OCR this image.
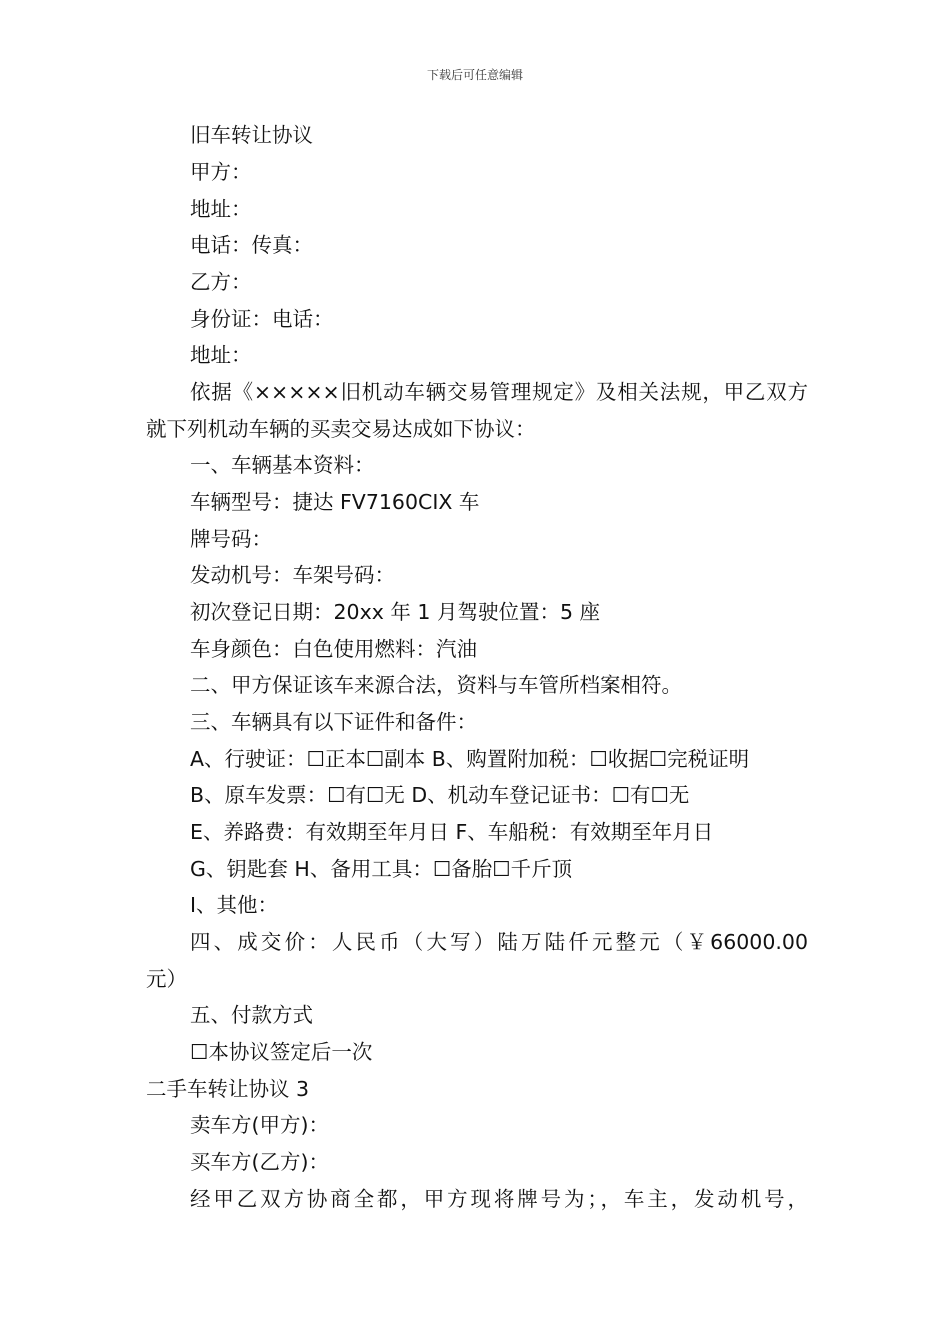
下载后可任意编辑
旧车转让协议
甲方：
地址：
电话：传真：
乙方：
身份证：电话：
地址：
依据《×××××旧机动车辆交易管理规定》及相关法规，甲乙双方
就下列机动车辆的买卖交易达成如下协议：
一、车辆基本资料：
车辆型号：捷达 FV7160CIX 车
牌号码：
发动机号：车架号码：
初次登记日期：20xx 年 1 月驾驶位置：5 座
车身颜色：白色使用燃料：汽油
二、甲方保证该车来源合法，资料与车管所档案相符。
三、车辆具有以下证件和备件：
A、行驶证：☐正本☐副本 B、购置附加税：☐收据☐完税证明
B、原车发票：☐有☐无 D、机动车登记证书：☐有☐无
E、养路费：有效期至年月日 F、车船税：有效期至年月日
G、钥匙套 H、备用工具：☐备胎☐千斤顶
I、其他：
四、成交价：人民币（大写）陆万陆仟元整元（￥66000.00
元）
五、付款方式
☐本协议签定后一次
二手车转让协议 3
卖车方(甲方)：
买车方(乙方)：
经甲乙双方协商全都，甲方现将牌号为；，车主，发动机号，
